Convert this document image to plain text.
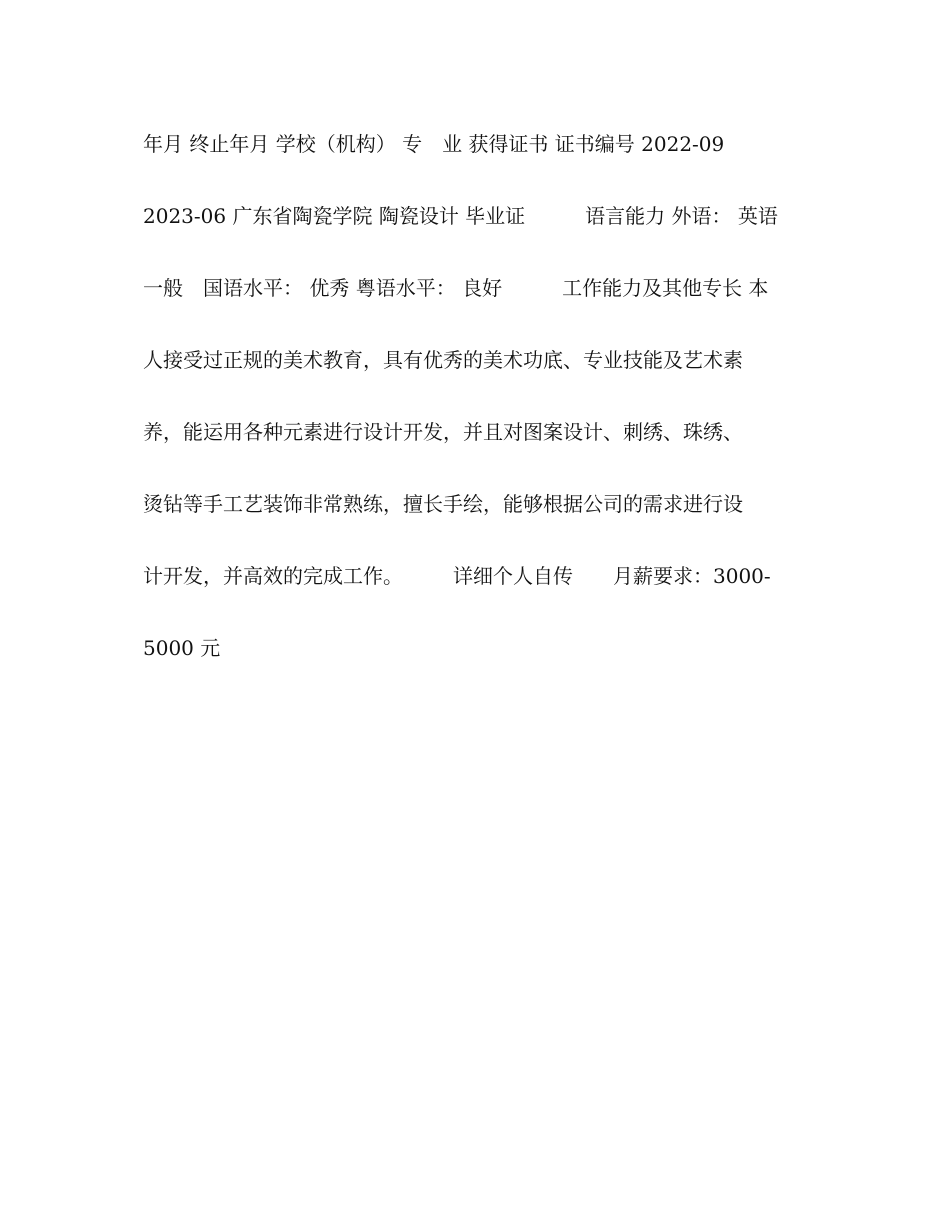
年月 终止年月 学校（机构） 专　业 获得证书 证书编号 2022-09
2023-06 广东省陶瓷学院 陶瓷设计 毕业证　　　语言能力 外语： 英语
一般　国语水平： 优秀 粤语水平： 良好　　　工作能力及其他专长 本
人接受过正规的美术教育，具有优秀的美术功底、专业技能及艺术素
养，能运用各种元素进行设计开发，并且对图案设计、刺绣、珠绣、
烫钻等手工艺装饰非常熟练，擅长手绘，能够根据公司的需求进行设
计开发，并高效的完成工作。　　　详细个人自传　　月薪要求：3000-
5000 元
